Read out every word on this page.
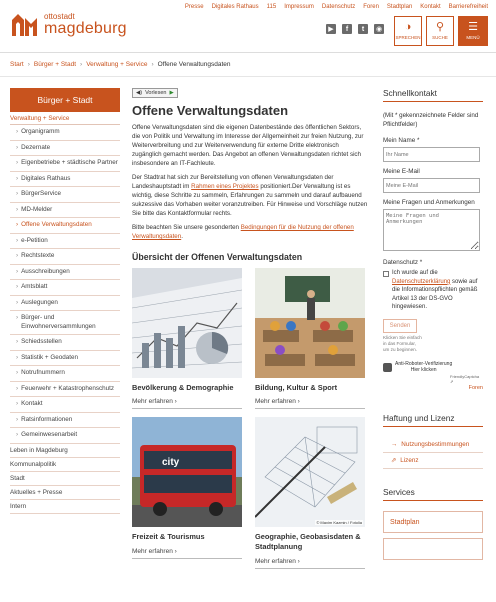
Presse Digitales Rathaus 115 Impressum Datenschutz Foren Stadtplan Kontakt Barrierefreiheit
ottostadt
magdeburg	▶	f	t	◉ ◑
SPRECHEN
⚲
SUCHE
☰
MENÜ
Start › Bürger + Stadt › Verwaltung + Service › Offene Verwaltungsdaten
Bürger + Stadt
Verwaltung + Service
› Organigramm
› Dezernate
› Eigenbetriebe + städtische Partner
› Digitales Rathaus
› BürgerService
› MD-Melder
› Offene Verwaltungsdaten
› e-Petition
› Rechtstexte
› Ausschreibungen
› Amtsblatt
› Auslegungen
› Bürger- und Einwohnerversammlungen
› Schiedsstellen
› Statistik + Geodaten
› Notrufnummern
› Feuerwehr + Katastrophenschutz
› Kontakt
› Ratsinformationen
› Gemeinwesenarbeit
Leben in Magdeburg
Kommunalpolitik
Stadt
Aktuelles + Presse
Intern
◀) Vorlesen ▶
Offene Verwaltungsdaten

Offene Verwaltungsdaten sind die eigenen Datenbestände des öffentlichen Sektors, die von Politik und Verwaltung im Interesse der Allgemeinheit zur freien Nutzung, zur Weiterverbreitung und zur Weiterverwendung für externe Dritte elektronisch zugänglich gemacht werden. Das Angebot an offenen Verwaltungsdaten richtet sich insbesondere an IT-Fachleute.

Der Stadtrat hat sich zur Bereitstellung von offenen Verwaltungsdaten der Landeshauptstadt im Rahmen eines Projektes positioniert.Der Verwaltung ist es wichtig, diese Schritte zu sammeln, Erfahrungen zu sammeln und darauf aufbauend sukzessive das Vorhaben weiter voranzutreiben. Für Hinweise und Vorschläge nutzen Sie bitte das Kontaktformular rechts.

Bitte beachten Sie unsere gesonderten Bedingungen für die Nutzung der offenen Verwaltungsdaten.

Übersicht der Offenen Verwaltungsdaten
Bevölkerung & Demographie
Mehr erfahren ›
Bildung, Kultur & Sport
Mehr erfahren ›
city
Freizeit & Tourismus
Mehr erfahren ›
© Maxim Kazmin / Fotolia
Geographie, Geobasisdaten & Stadtplanung
Mehr erfahren ›
Schnellkontakt
(Mit * gekennzeichnete Felder sind Pflichtfelder)
Mein Name *
Ihr Name
Meine E-Mail
Meine E-Mail
Meine Fragen und Anmerkungen
Meine Fragen und Anmerkungen
Datenschutz *
Ich wurde auf die Datenschutzerklärung sowie auf die Informationspflichten gemäß Artikel 13 der DS-GVO hingewiesen.
Senden
Klicken Sie einfach in das Formular, um zu beginnen.
Anti-Roboter-Verifizierung
Hier klicken
FriendlyCaptcha ⇗
Foren
Haftung und Lizenz
→ Nutzungsbestimmungen
⇗ Lizenz
Services
Stadtplan
